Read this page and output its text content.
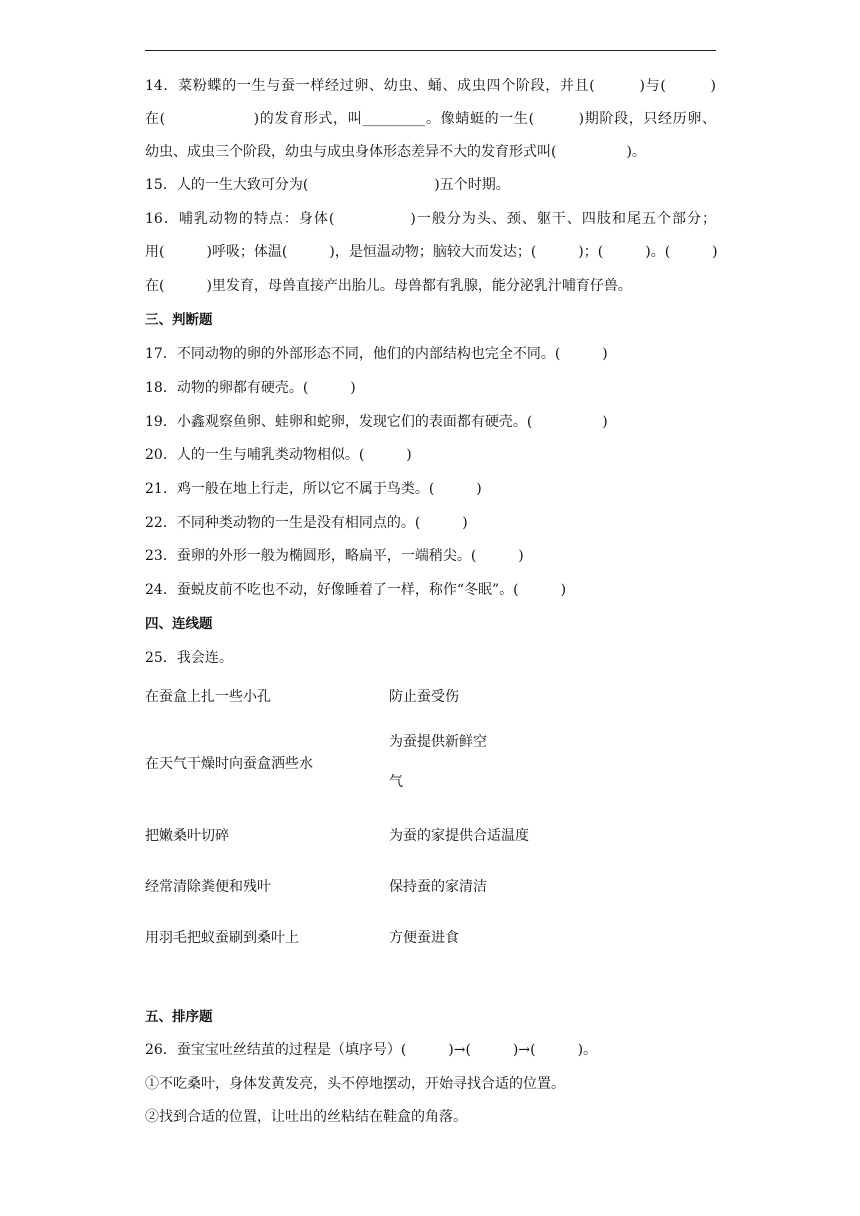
14．菜粉蝶的一生与蚕一样经过卵、幼虫、蛹、成虫四个阶段，并且(　　　)与(　　　)
在(　　　　　　)的发育形式，叫_________。像蜻蜓的一生(　　　)期阶段，只经历卵、
幼虫、成虫三个阶段，幼虫与成虫身体形态差异不大的发育形式叫(　　　　　)。
15．人的一生大致可分为(　　　　　　　　　)五个时期。
16．哺乳动物的特点：身体(　　　　　)一般分为头、颈、躯干、四肢和尾五个部分；
用(　　　)呼吸；体温(　　　)，是恒温动物；脑较大而发达；(　　　)；(　　　)。(　　　)
在(　　　)里发育，母兽直接产出胎儿。母兽都有乳腺，能分泌乳汁哺育仔兽。
三、判断题
17．不同动物的卵的外部形态不同，他们的内部结构也完全不同。(　　　)
18．动物的卵都有硬壳。(　　　)
19．小鑫观察鱼卵、蛙卵和蛇卵，发现它们的表面都有硬壳。(　　　　　)
20．人的一生与哺乳类动物相似。(　　　)
21．鸡一般在地上行走，所以它不属于鸟类。(　　　)
22．不同种类动物的一生是没有相同点的。(　　　)
23．蚕卵的外形一般为椭圆形，略扁平，一端稍尖。(　　　)
24．蚕蜕皮前不吃也不动，好像睡着了一样，称作“冬眠”。(　　　)
四、连线题
25．我会连。
在蚕盒上扎一些小孔
在天气干燥时向蚕盒洒些水
把嫩桑叶切碎
经常清除粪便和残叶
用羽毛把蚁蚕刷到桑叶上
防止蚕受伤
为蚕提供新鲜空
气
为蚕的家提供合适温度
保持蚕的家清洁
方便蚕进食
五、排序题
26．蚕宝宝吐丝结茧的过程是（填序号）(　　　)→(　　　)→(　　　)。
①不吃桑叶，身体发黄发亮，头不停地摆动，开始寻找合适的位置。
②找到合适的位置，让吐出的丝粘结在鞋盒的角落。
